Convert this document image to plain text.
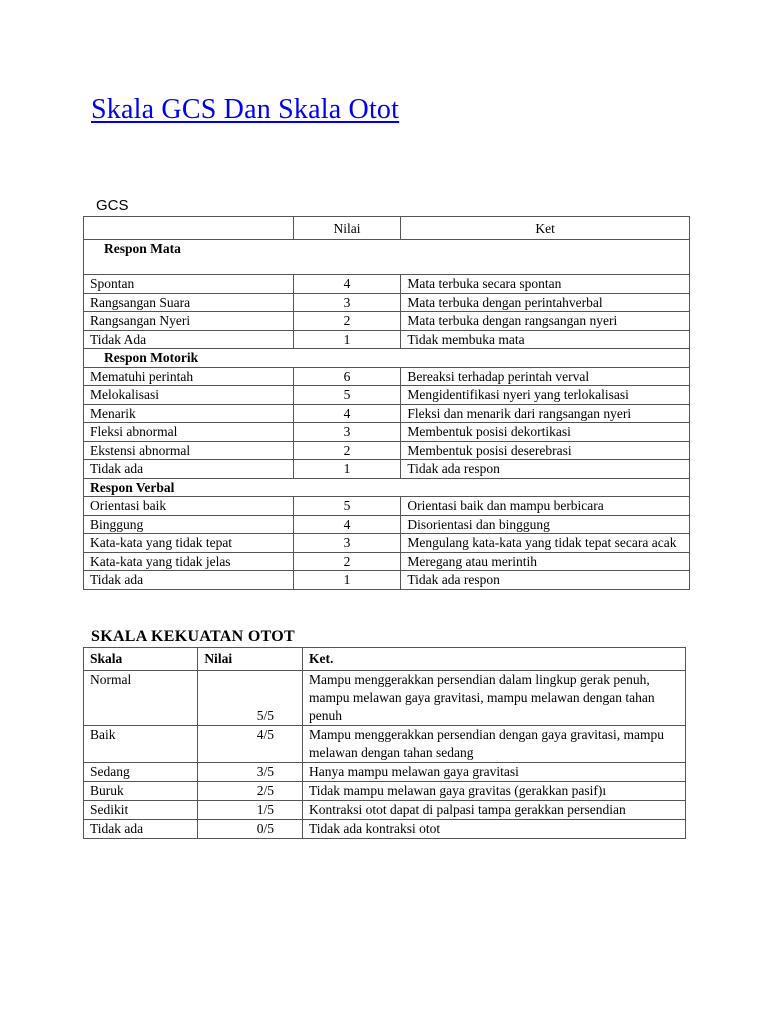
Skala GCS Dan Skala Otot
GCS
	Nilai	Ket
Respon Mata		
Spontan	4	Mata terbuka secara spontan
Rangsangan Suara	3	Mata terbuka dengan perintahverbal
Rangsangan Nyeri	2	Mata terbuka dengan rangsangan nyeri
Tidak Ada	1	Tidak membuka mata
Respon Motorik		
Mematuhi perintah	6	Bereaksi terhadap perintah verval
Melokalisasi	5	Mengidentifikasi nyeri yang terlokalisasi
Menarik	4	Fleksi dan menarik dari rangsangan nyeri
Fleksi abnormal	3	Membentuk posisi dekortikasi
Ekstensi abnormal	2	Membentuk posisi deserebrasi
Tidak ada	1	Tidak ada respon
Respon Verbal		
Orientasi baik	5	Orientasi baik dan mampu berbicara
Binggung	4	Disorientasi dan binggung
Kata-kata yang tidak tepat	3	Mengulang kata-kata yang tidak tepat secara acak
Kata-kata yang tidak jelas	2	Meregang atau merintih
Tidak ada	1	Tidak ada respon
SKALA KEKUATAN OTOT
Skala	Nilai	Ket.
Normal	5/5	Mampu menggerakkan persendian dalam lingkup gerak penuh, mampu melawan gaya gravitasi, mampu melawan dengan tahan penuh
Baik	4/5	Mampu menggerakkan persendian dengan gaya gravitasi, mampu melawan dengan tahan sedang
Sedang	3/5	Hanya mampu melawan gaya gravitasi
Buruk	2/5	Tidak mampu melawan gaya gravitas (gerakkan pasif)ı
Sedikit	1/5	Kontraksi otot dapat di palpasi tampa gerakkan persendian
Tidak ada	0/5	Tidak ada kontraksi otot
